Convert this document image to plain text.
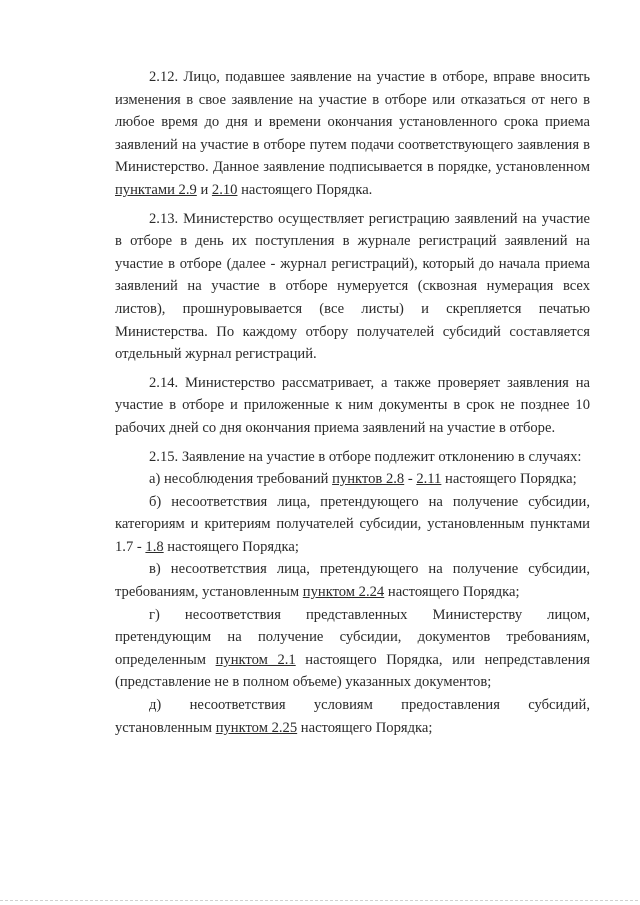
2.12. Лицо, подавшее заявление на участие в отборе, вправе вносить изменения в свое заявление на участие в отборе или отказаться от него в любое время до дня и времени окончания установленного срока приема заявлений на участие в отборе путем подачи соответствующего заявления в Министерство. Данное заявление подписывается в порядке, установленном пунктами 2.9 и 2.10 настоящего Порядка.

2.13. Министерство осуществляет регистрацию заявлений на участие в отборе в день их поступления в журнале регистраций заявлений на участие в отборе (далее - журнал регистраций), который до начала приема заявлений на участие в отборе нумеруется (сквозная нумерация всех листов), прошнуровывается (все листы) и скрепляется печатью Министерства. По каждому отбору получателей субсидий составляется отдельный журнал регистраций.

2.14. Министерство рассматривает, а также проверяет заявления на участие в отборе и приложенные к ним документы в срок не позднее 10 рабочих дней со дня окончания приема заявлений на участие в отборе.

2.15. Заявление на участие в отборе подлежит отклонению в случаях:

а) несоблюдения требований пунктов 2.8 - 2.11 настоящего Порядка;

б) несоответствия лица, претендующего на получение субсидии, категориям и критериям получателей субсидии, установленным пунктами 1.7 - 1.8 настоящего Порядка;

в) несоответствия лица, претендующего на получение субсидии, требованиям, установленным пунктом 2.24 настоящего Порядка;

г) несоответствия представленных Министерству лицом, претендующим на получение субсидии, документов требованиям, определенным пунктом 2.1 настоящего Порядка, или непредставления (представление не в полном объеме) указанных документов;

д) несоответствия условиям предоставления субсидий, установленным пунктом 2.25 настоящего Порядка;
